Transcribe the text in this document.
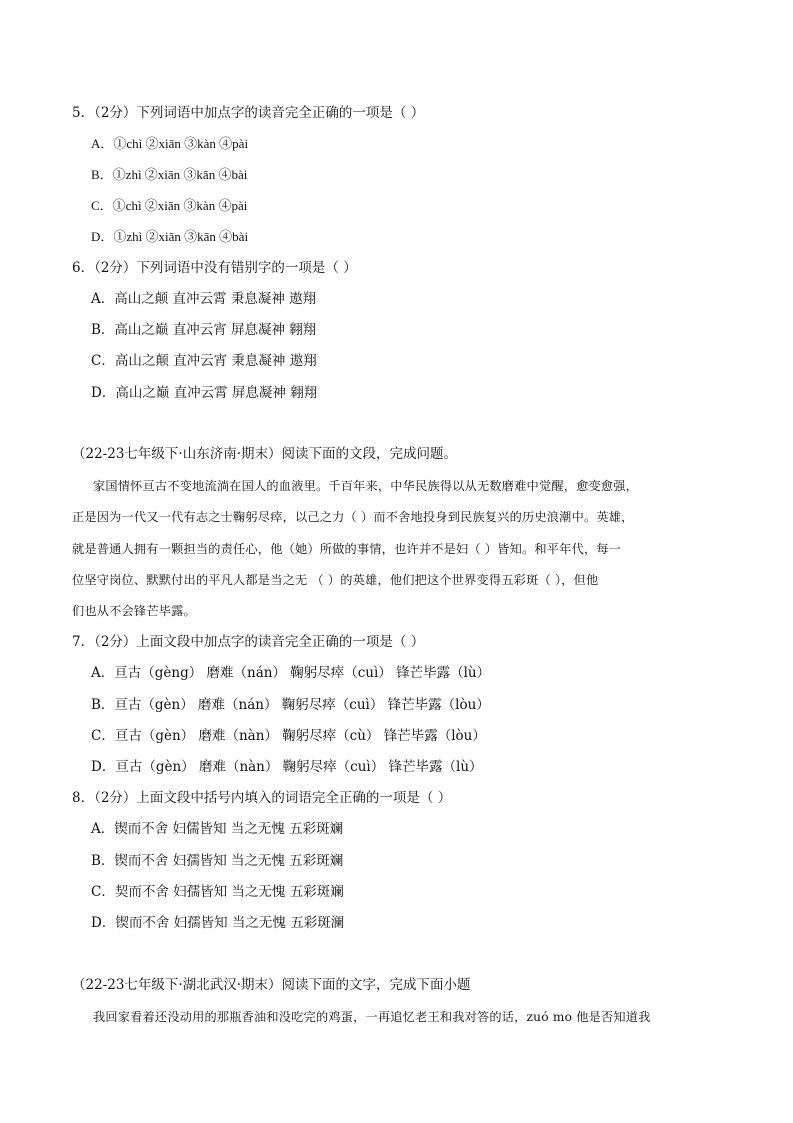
5．（2分）下列词语中加点字的读音完全正确的一项是（ ）
A．①chì ②xiān ③kàn ④pài
B．①zhì ②xiān ③kān ④bài
C．①chì ②xiān ③kàn ④pài
D．①zhì ②xiān ③kān ④bài
6．（2分）下列词语中没有错别字的一项是（ ）
A．高山之颠 直冲云霄 秉息凝神 遨翔
B．高山之巅 直冲云宵 屏息凝神 翱翔
C．高山之颠 直冲云宵 秉息凝神 遨翔
D．高山之巅 直冲云霄 屏息凝神 翱翔
（22-23七年级下·山东济南·期末）阅读下面的文段，完成问题。
家国情怀亘古不变地流淌在国人的血液里。千百年来，中华民族得以从无数磨难中觉醒，愈变愈强，
正是因为一代又一代有志之士鞠躬尽瘁，以己之力（ ）而不舍地投身到民族复兴的历史浪潮中。英雄，
就是普通人拥有一颗担当的责任心，他（她）所做的事情，也许并不是妇（ ）皆知。和平年代，每一
位坚守岗位、默默付出的平凡人都是当之无 （ ）的英雄，他们把这个世界变得五彩斑（ ），但他
们也从不会锋芒毕露。
7．（2分）上面文段中加点字的读音完全正确的一项是（ ）
A．亘古（gèng） 磨难（nán） 鞠躬尽瘁（cuì） 锋芒毕露（lù）
B．亘古（gèn） 磨难（nán） 鞠躬尽瘁（cuì） 锋芒毕露（lòu）
C．亘古（gèn） 磨难（nàn） 鞠躬尽瘁（cù） 锋芒毕露（lòu）
D．亘古（gèn） 磨难（nàn） 鞠躬尽瘁（cuì） 锋芒毕露（lù）
8．（2分）上面文段中括号内填入的词语完全正确的一项是（ ）
A．锲而不舍 妇儒皆知 当之无愧 五彩斑斓
B．锲而不舍 妇孺皆知 当之无愧 五彩斑斓
C．契而不舍 妇孺皆知 当之无愧 五彩斑斓
D．锲而不舍 妇孺皆知 当之无愧 五彩斑澜
（22-23七年级下·湖北武汉·期末）阅读下面的文字，完成下面小题
我回家看着还没动用的那瓶香油和没吃完的鸡蛋，一再追忆老王和我对答的话，zuó mo 他是否知道我
